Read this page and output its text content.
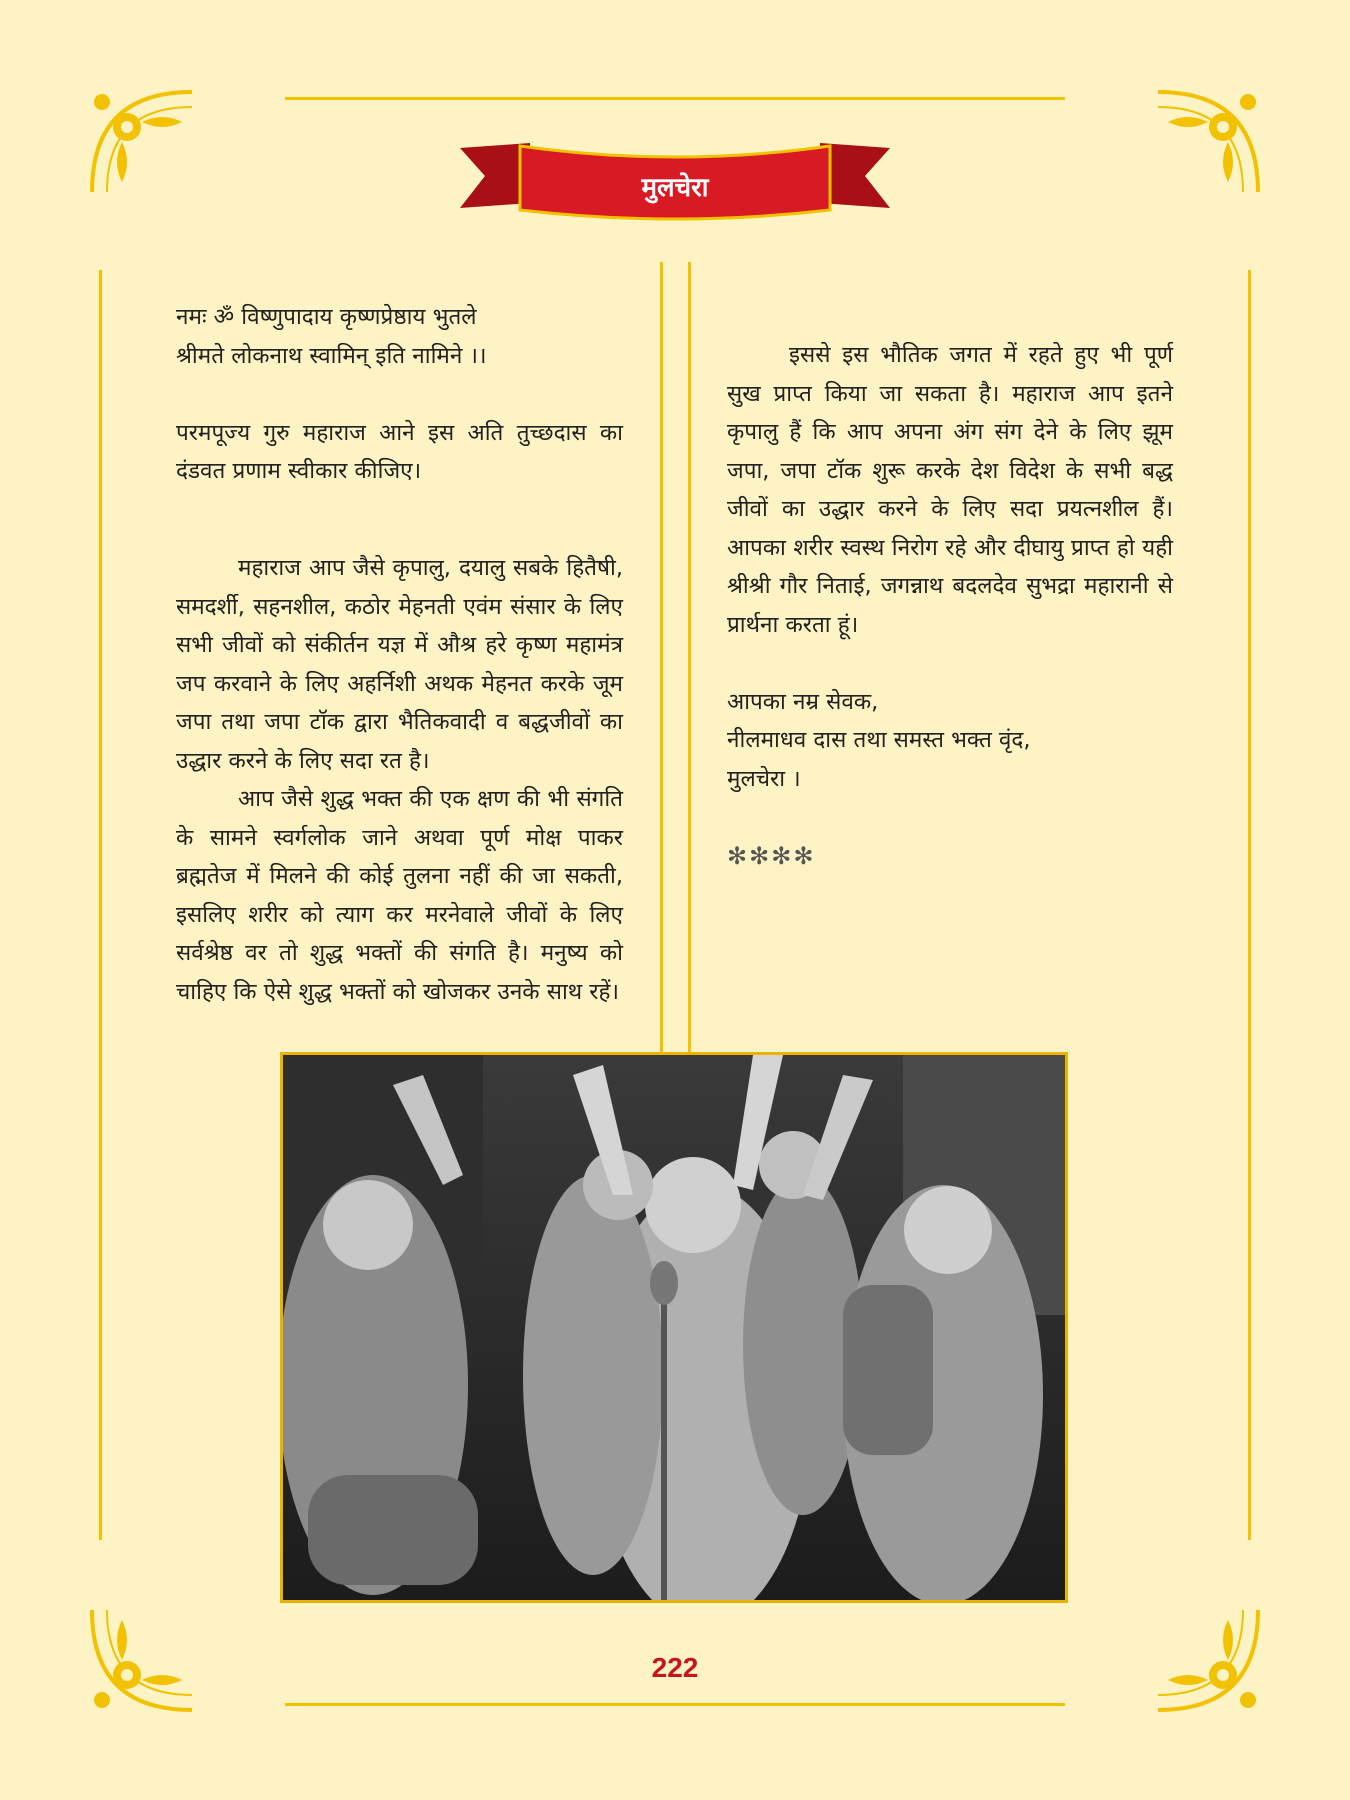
मुलचेरा

नमः ॐ विष्णुपादाय कृष्णप्रेष्ठाय भुतले

श्रीमते लोकनाथ स्वामिन् इति नामिने ।।

परमपूज्य गुरु महाराज आने इस अति तुच्छदास का दंडवत प्रणाम स्वीकार कीजिए।

महाराज आप जैसे कृपालु, दयालु सबके हितैषी, समदर्शी, सहनशील, कठोर मेहनती एवंम संसार के लिए सभी जीवों को संकीर्तन यज्ञ में औश्र हरे कृष्ण महामंत्र जप करवाने के लिए अहर्निशी अथक मेहनत करके जूम जपा तथा जपा टॉक द्वारा भैतिकवादी व बद्धजीवों का उद्धार करने के लिए सदा रत है।

आप जैसे शुद्ध भक्त की एक क्षण की भी संगति के सामने स्वर्गलोक जाने अथवा पूर्ण मोक्ष पाकर ब्रह्मतेज में मिलने की कोई तुलना नहीं की जा सकती, इसलिए शरीर को त्याग कर मरनेवाले जीवों के लिए सर्वश्रेष्ठ वर तो शुद्ध भक्तों की संगति है। मनुष्य को चाहिए कि ऐसे शुद्ध भक्तों को खोजकर उनके साथ रहें।

इससे इस भौतिक जगत में रहते हुए भी पूर्ण सुख प्राप्त किया जा सकता है। महाराज आप इतने कृपालु हैं कि आप अपना अंग संग देने के लिए झूम जपा, जपा टॉक शुरू करके देश विदेश के सभी बद्ध जीवों का उद्धार करने के लिए सदा प्रयत्नशील हैं। आपका शरीर स्वस्थ निरोग रहे और दीघायु प्राप्त हो यही श्रीश्री गौर निताई, जगन्नाथ बदलदेव सुभद्रा महारानी से प्रार्थना करता हूं।

आपका नम्र सेवक,

नीलमाधव दास तथा समस्त भक्त वृंद,

मुलचेरा ।

✻✻✻✻

222
